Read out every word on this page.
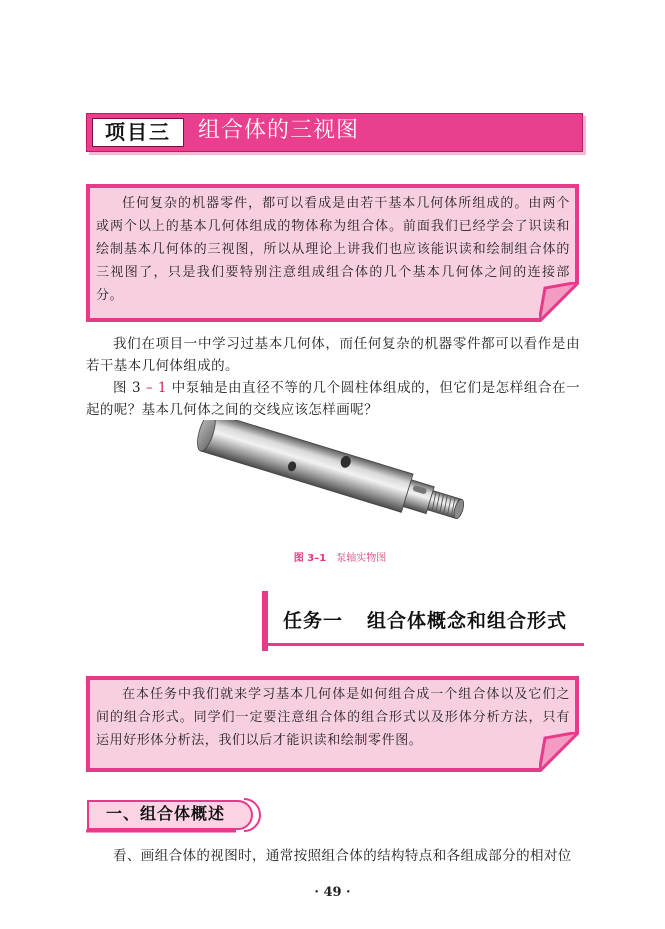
项目三	组合体的三视图
任何复杂的机器零件，都可以看成是由若干基本几何体所组成的。由两个或两个以上的基本几何体组成的物体称为组合体。前面我们已经学会了识读和绘制基本几何体的三视图，所以从理论上讲我们也应该能识读和绘制组合体的三视图了，只是我们要特别注意组成组合体的几个基本几何体之间的连接部分。
我们在项目一中学习过基本几何体，而任何复杂的机器零件都可以看作是由若干基本几何体组成的。
图 3 – 1 中泵轴是由直径不等的几个圆柱体组成的，但它们是怎样组合在一起的呢？基本几何体之间的交线应该怎样画呢？
图 3–1 泵轴实物图
任务一 组合体概念和组合形式
在本任务中我们就来学习基本几何体是如何组合成一个组合体以及它们之间的组合形式。同学们一定要注意组合体的组合形式以及形体分析方法，只有运用好形体分析法，我们以后才能识读和绘制零件图。
一、组合体概述
看、画组合体的视图时，通常按照组合体的结构特点和各组成部分的相对位
· 49 ·
